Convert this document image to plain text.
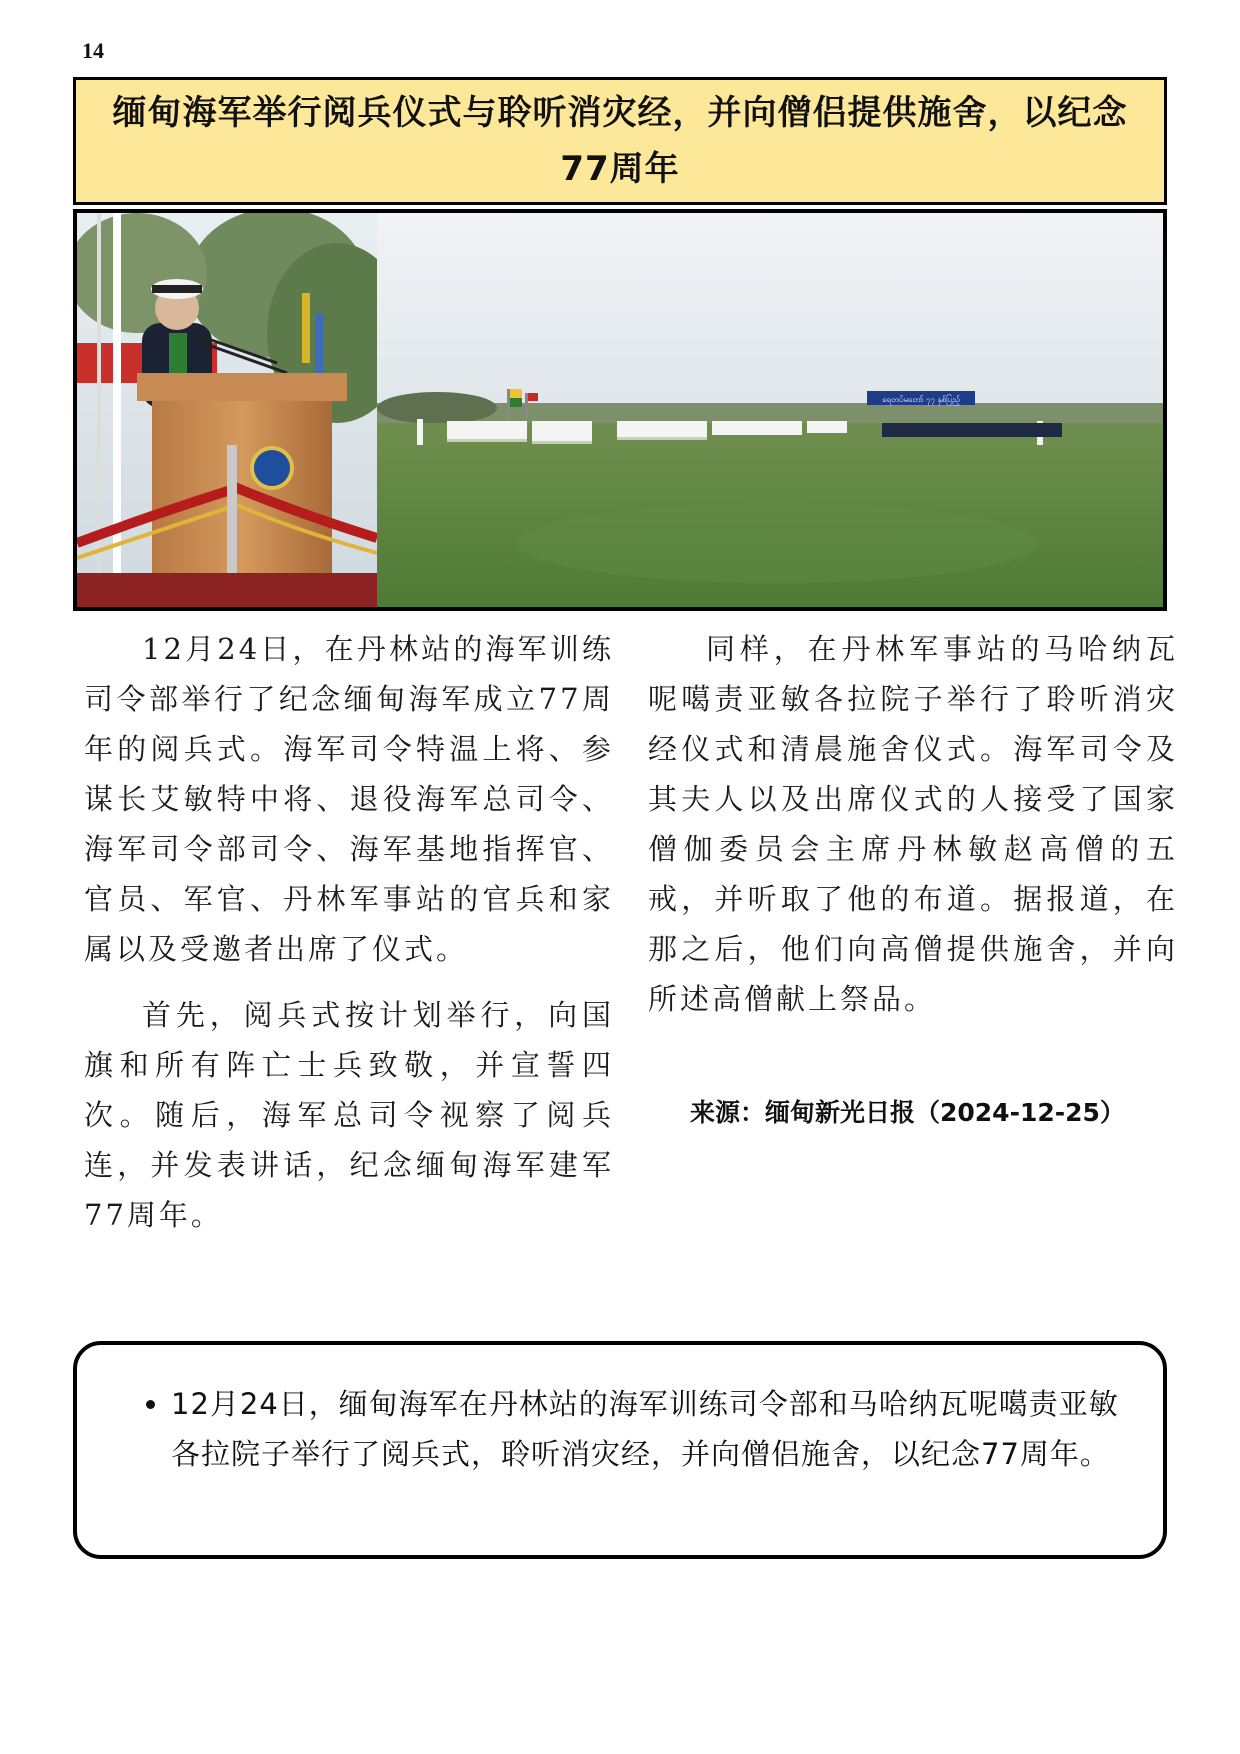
14
缅甸海军举行阅兵仪式与聆听消灾经，并向僧侣提供施舍，以纪念77周年
ရေတပ်မတော် ၇၇ နှစ်ပြည့်

12月24日，在丹林站的海军训练司令部举行了纪念缅甸海军成立77周年的阅兵式。海军司令特温上将、参谋长艾敏特中将、退役海军总司令、海军司令部司令、海军基地指挥官、官员、军官、丹林军事站的官兵和家属以及受邀者出席了仪式。

首先，阅兵式按计划举行，向国旗和所有阵亡士兵致敬，并宣誓四次。随后，海军总司令视察了阅兵连，并发表讲话，纪念缅甸海军建军77周年。

同样，在丹林军事站的马哈纳瓦呢噶责亚敏各拉院子举行了聆听消灾经仪式和清晨施舍仪式。海军司令及其夫人以及出席仪式的人接受了国家僧伽委员会主席丹林敏赵高僧的五戒，并听取了他的布道。据报道，在那之后，他们向高僧提供施舍，并向所述高僧献上祭品。

来源：缅甸新光日报（2024-12-25）
• 12月24日，缅甸海军在丹林站的海军训练司令部和马哈纳瓦呢噶责亚敏各拉院子举行了阅兵式，聆听消灾经，并向僧侣施舍，以纪念77周年。
